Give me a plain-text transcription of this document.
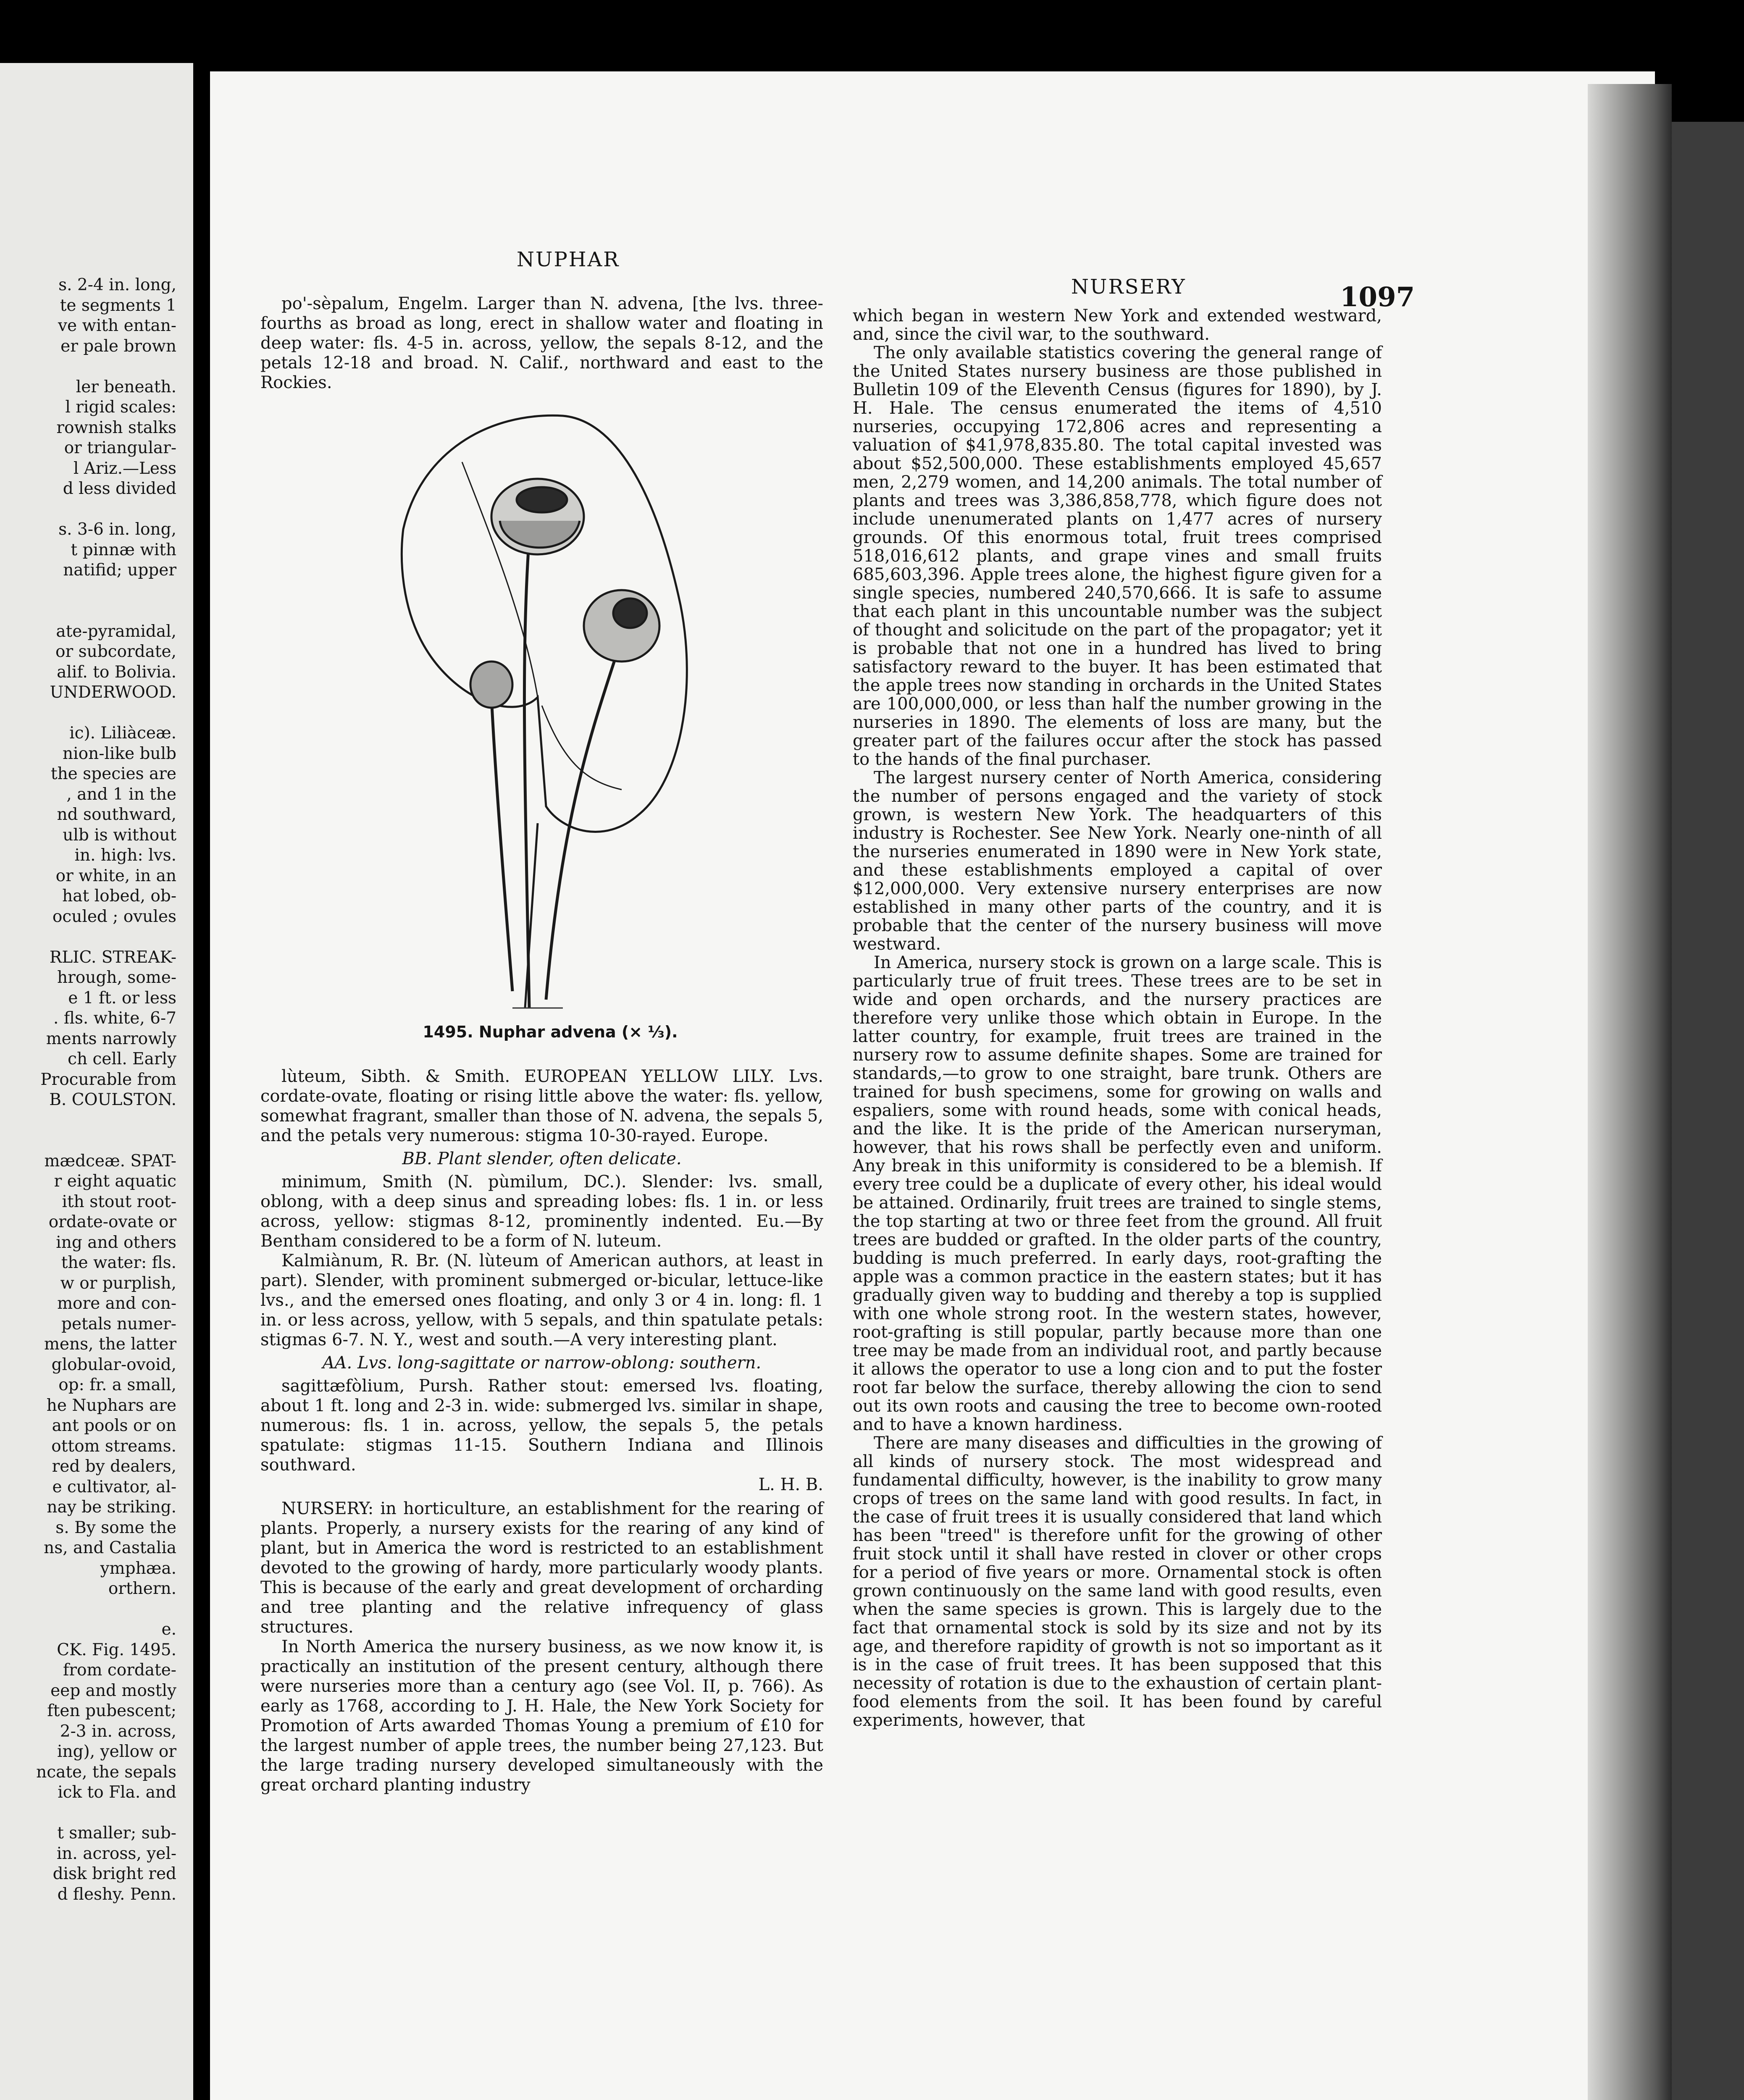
s. 2-4 in. long,
te segments 1
ve with entan-
er pale brown
ler beneath.
l rigid scales:
rownish stalks
or triangular-
l Ariz.—Less
d less divided
s. 3-6 in. long,
t pinnæ with
natifid; upper
ate-pyramidal,
or subcordate,
alif. to Bolivia.
UNDERWOOD.
ic). Liliàceæ.
nion-like bulb
the species are
, and 1 in the
nd southward,
ulb is without
in. high: lvs.
or white, in an
hat lobed, ob-
oculed ; ovules
RLIC. STREAK-
hrough, some-
e 1 ft. or less
. fls. white, 6-7
ments narrowly
ch cell. Early
Procurable from
B. COULSTON.
mædceæ. SPAT-
r eight aquatic
ith stout root-
ordate-ovate or
ing and others
the water: fls.
w or purplish,
more and con-
petals numer-
mens, the latter
globular-ovoid,
op: fr. a small,
he Nuphars are
ant pools or on
ottom streams.
red by dealers,
e cultivator, al-
nay be striking.
s. By some the
ns, and Castalia
ymphæa.
orthern.
e.
CK. Fig. 1495.
from cordate-
eep and mostly
ften pubescent;
2-3 in. across,
ing), yellow or
ncate, the sepals
ick to Fla. and
t smaller; sub-
in. across, yel-
disk bright red
d fleshy. Penn.
NUPHAR
NURSERY	1097

po'-sèpalum, Engelm. Larger than N. advena, [the lvs. three-fourths as broad as long, erect in shallow water and floating in deep water: fls. 4-5 in. across, yellow, the sepals 8-12, and the petals 12-18 and broad. N. Calif., northward and east to the Rockies.

1495. Nuphar advena (× ⅓).

lùteum, Sibth. & Smith. EUROPEAN YELLOW LILY. Lvs. cordate-ovate, floating or rising little above the water: fls. yellow, somewhat fragrant, smaller than those of N. advena, the sepals 5, and the petals very numerous: stigma 10-30-rayed. Europe.

BB. Plant slender, often delicate.

minimum, Smith (N. pùmilum, DC.). Slender: lvs. small, oblong, with a deep sinus and spreading lobes: fls. 1 in. or less across, yellow: stigmas 8-12, prominently indented. Eu.—By Bentham considered to be a form of N. luteum.

Kalmiànum, R. Br. (N. lùteum of American authors, at least in part). Slender, with prominent submerged or-bicular, lettuce-like lvs., and the emersed ones floating, and only 3 or 4 in. long: fl. 1 in. or less across, yellow, with 5 sepals, and thin spatulate petals: stigmas 6-7. N. Y., west and south.—A very interesting plant.

AA. Lvs. long-sagittate or narrow-oblong: southern.

sagittæfòlium, Pursh. Rather stout: emersed lvs. floating, about 1 ft. long and 2-3 in. wide: submerged lvs. similar in shape, numerous: fls. 1 in. across, yellow, the sepals 5, the petals spatulate: stigmas 11-15. Southern Indiana and Illinois southward.

L. H. B.

NURSERY: in horticulture, an establishment for the rearing of plants. Properly, a nursery exists for the rearing of any kind of plant, but in America the word is restricted to an establishment devoted to the growing of hardy, more particularly woody plants. This is because of the early and great development of orcharding and tree planting and the relative infrequency of glass structures.

In North America the nursery business, as we now know it, is practically an institution of the present century, although there were nurseries more than a century ago (see Vol. II, p. 766). As early as 1768, according to J. H. Hale, the New York Society for Promotion of Arts awarded Thomas Young a premium of £10 for the largest number of apple trees, the number being 27,123. But the large trading nursery developed simultaneously with the great orchard planting industry

which began in western New York and extended westward, and, since the civil war, to the southward.

The only available statistics covering the general range of the United States nursery business are those published in Bulletin 109 of the Eleventh Census (figures for 1890), by J. H. Hale. The census enumerated the items of 4,510 nurseries, occupying 172,806 acres and representing a valuation of $41,978,835.80. The total capital invested was about $52,500,000. These establishments employed 45,657 men, 2,279 women, and 14,200 animals. The total number of plants and trees was 3,386,858,778, which figure does not include unenumerated plants on 1,477 acres of nursery grounds. Of this enormous total, fruit trees comprised 518,016,612 plants, and grape vines and small fruits 685,603,396. Apple trees alone, the highest figure given for a single species, numbered 240,570,666. It is safe to assume that each plant in this uncountable number was the subject of thought and solicitude on the part of the propagator; yet it is probable that not one in a hundred has lived to bring satisfactory reward to the buyer. It has been estimated that the apple trees now standing in orchards in the United States are 100,000,000, or less than half the number growing in the nurseries in 1890. The elements of loss are many, but the greater part of the failures occur after the stock has passed to the hands of the final purchaser.

The largest nursery center of North America, considering the number of persons engaged and the variety of stock grown, is western New York. The headquarters of this industry is Rochester. See New York. Nearly one-ninth of all the nurseries enumerated in 1890 were in New York state, and these establishments employed a capital of over $12,000,000. Very extensive nursery enterprises are now established in many other parts of the country, and it is probable that the center of the nursery business will move westward.

In America, nursery stock is grown on a large scale. This is particularly true of fruit trees. These trees are to be set in wide and open orchards, and the nursery practices are therefore very unlike those which obtain in Europe. In the latter country, for example, fruit trees are trained in the nursery row to assume definite shapes. Some are trained for standards,—to grow to one straight, bare trunk. Others are trained for bush specimens, some for growing on walls and espaliers, some with round heads, some with conical heads, and the like. It is the pride of the American nurseryman, however, that his rows shall be perfectly even and uniform. Any break in this uniformity is considered to be a blemish. If every tree could be a duplicate of every other, his ideal would be attained. Ordinarily, fruit trees are trained to single stems, the top starting at two or three feet from the ground. All fruit trees are budded or grafted. In the older parts of the country, budding is much preferred. In early days, root-grafting the apple was a common practice in the eastern states; but it has gradually given way to budding and thereby a top is supplied with one whole strong root. In the western states, however, root-grafting is still popular, partly because more than one tree may be made from an individual root, and partly because it allows the operator to use a long cion and to put the foster root far below the surface, thereby allowing the cion to send out its own roots and causing the tree to become own-rooted and to have a known hardiness.

There are many diseases and difficulties in the growing of all kinds of nursery stock. The most widespread and fundamental difficulty, however, is the inability to grow many crops of trees on the same land with good results. In fact, in the case of fruit trees it is usually considered that land which has been "treed" is therefore unfit for the growing of other fruit stock until it shall have rested in clover or other crops for a period of five years or more. Ornamental stock is often grown continuously on the same land with good results, even when the same species is grown. This is largely due to the fact that ornamental stock is sold by its size and not by its age, and therefore rapidity of growth is not so important as it is in the case of fruit trees. It has been supposed that this necessity of rotation is due to the exhaustion of certain plant-food elements from the soil. It has been found by careful experiments, however, that
